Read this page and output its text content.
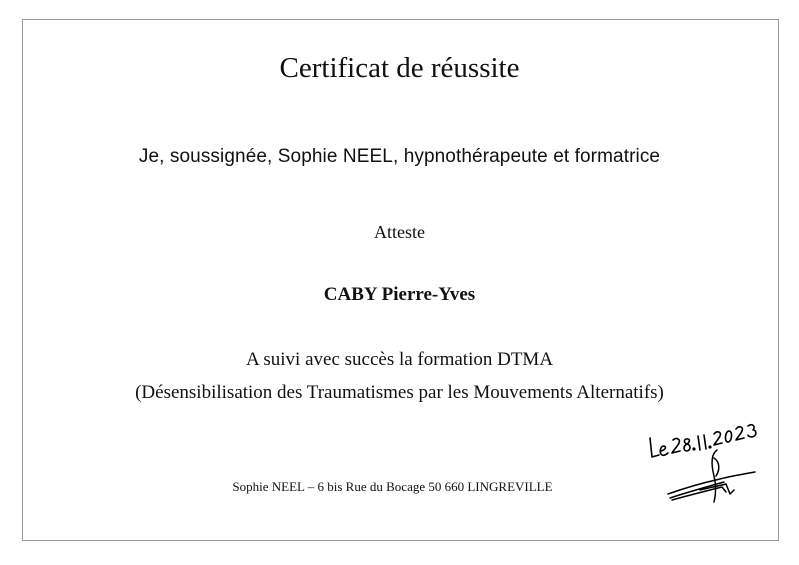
Certificat de réussite
Je, soussignée, Sophie NEEL, hypnothérapeute et formatrice
Atteste
CABY Pierre-Yves
A suivi avec succès la formation DTMA
(Désensibilisation des Traumatismes par les Mouvements Alternatifs)
Sophie NEEL – 6 bis Rue du Bocage 50 660 LINGREVILLE
